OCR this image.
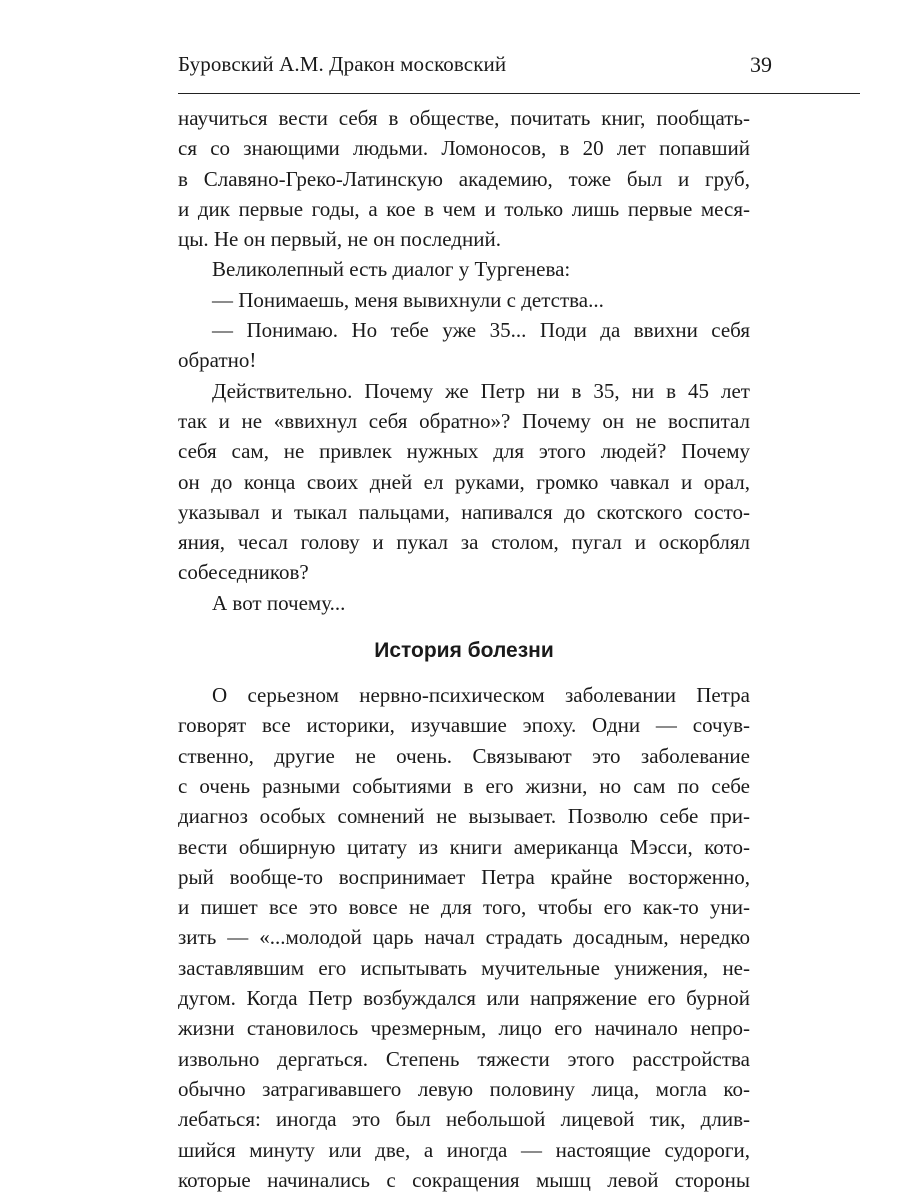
Буровский А.М. Дракон московский	39
научиться вести себя в обществе, почитать книг, пообщать-
ся со знающими людьми. Ломоносов, в 20 лет попавший
в Славяно-Греко-Латинскую академию, тоже был и груб,
и дик первые годы, а кое в чем и только лишь первые меся-
цы. Не он первый, не он последний.
Великолепный есть диалог у Тургенева:
— Понимаешь, меня вывихнули с детства...
— Понимаю. Но тебе уже 35... Поди да ввихни себя
обратно!
Действительно. Почему же Петр ни в 35, ни в 45 лет
так и не «ввихнул себя обратно»? Почему он не воспитал
себя сам, не привлек нужных для этого людей? Почему
он до конца своих дней ел руками, громко чавкал и орал,
указывал и тыкал пальцами, напивался до скотского состо-
яния, чесал голову и пукал за столом, пугал и оскорблял
собеседников?
А вот почему...
История болезни
О серьезном нервно-психическом заболевании Петра
говорят все историки, изучавшие эпоху. Одни — сочув-
ственно, другие не очень. Связывают это заболевание
с очень разными событиями в его жизни, но сам по себе
диагноз особых сомнений не вызывает. Позволю себе при-
вести обширную цитату из книги американца Мэсси, кото-
рый вообще-то воспринимает Петра крайне восторженно,
и пишет все это вовсе не для того, чтобы его как-то уни-
зить — «...молодой царь начал страдать досадным, нередко
заставлявшим его испытывать мучительные унижения, не-
дугом. Когда Петр возбуждался или напряжение его бурной
жизни становилось чрезмерным, лицо его начинало непро-
извольно дергаться. Степень тяжести этого расстройства
обычно затрагивавшего левую половину лица, могла ко-
лебаться: иногда это был небольшой лицевой тик, длив-
шийся минуту или две, а иногда — настоящие судороги,
которые начинались с сокращения мышц левой стороны
